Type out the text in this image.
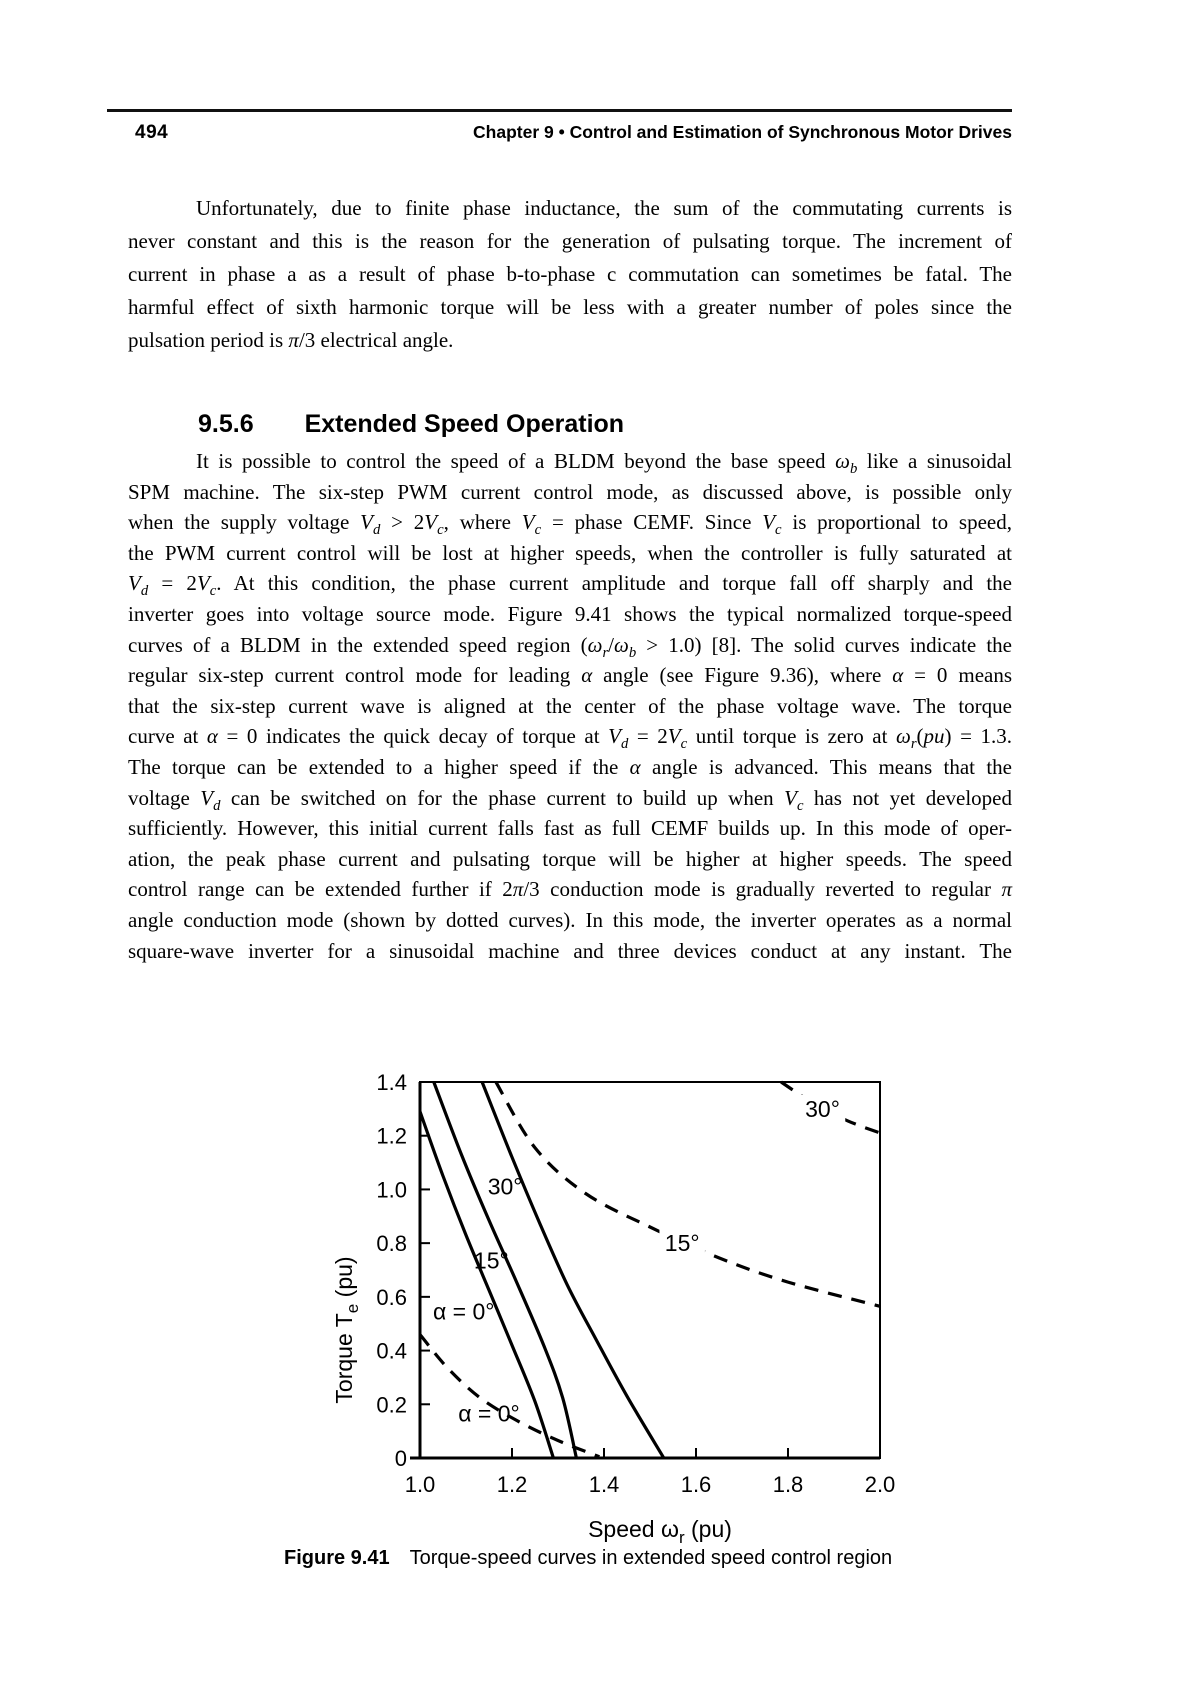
494	Chapter 9 • Control and Estimation of Synchronous Motor Drives
Unfortunately, due to finite phase inductance, the sum of the commutating currents is
never constant and this is the reason for the generation of pulsating torque. The increment of
current in phase a as a result of phase b-to-phase c commutation can sometimes be fatal. The
harmful effect of sixth harmonic torque will be less with a greater number of poles since the
pulsation period is π/3 electrical angle.
9.5.6 Extended Speed Operation
It is possible to control the speed of a BLDM beyond the base speed $\omega_b$ like a sinusoidal
SPM machine. The six-step PWM current control mode, as discussed above, is possible only
when the supply voltage $V_d > 2V_c$, where $V_c$ = phase CEMF. Since $V_c$ is proportional to speed,
the PWM current control will be lost at higher speeds, when the controller is fully saturated at
$V_d = 2V_c$. At this condition, the phase current amplitude and torque fall off sharply and the
inverter goes into voltage source mode. Figure 9.41 shows the typical normalized torque-speed
curves of a BLDM in the extended speed region $(\omega_r/\omega_b > 1.0)$ [8]. The solid curves indicate the
regular six-step current control mode for leading α angle (see Figure 9.36), where α = 0 means
that the six-step current wave is aligned at the center of the phase voltage wave. The torque
curve at α = 0 indicates the quick decay of torque at $V_d = 2V_c$ until torque is zero at $\omega_r(pu) = 1.3$.
The torque can be extended to a higher speed if the α angle is advanced. This means that the
voltage $V_d$ can be switched on for the phase current to build up when $V_c$ has not yet developed
sufficiently. However, this initial current falls fast as full CEMF builds up. In this mode of oper-
ation, the peak phase current and pulsating torque will be higher at higher speeds. The speed
control range can be extended further if 2π/3 conduction mode is gradually reverted to regular π
angle conduction mode (shown by dotted curves). In this mode, the inverter operates as a normal
square-wave inverter for a sinusoidal machine and three devices conduct at any instant. The
1.0	1.2	1.4	1.6	1.8	2.0
0
0.2
0.4
0.6
0.8
1.0
1.2
1.4
30°
15°
α = 0°
α = 0°
15°
30°
Speed $\omega_r$ (pu)
Torque $T_e$ (pu)
Figure 9.41 Torque-speed curves in extended speed control region
